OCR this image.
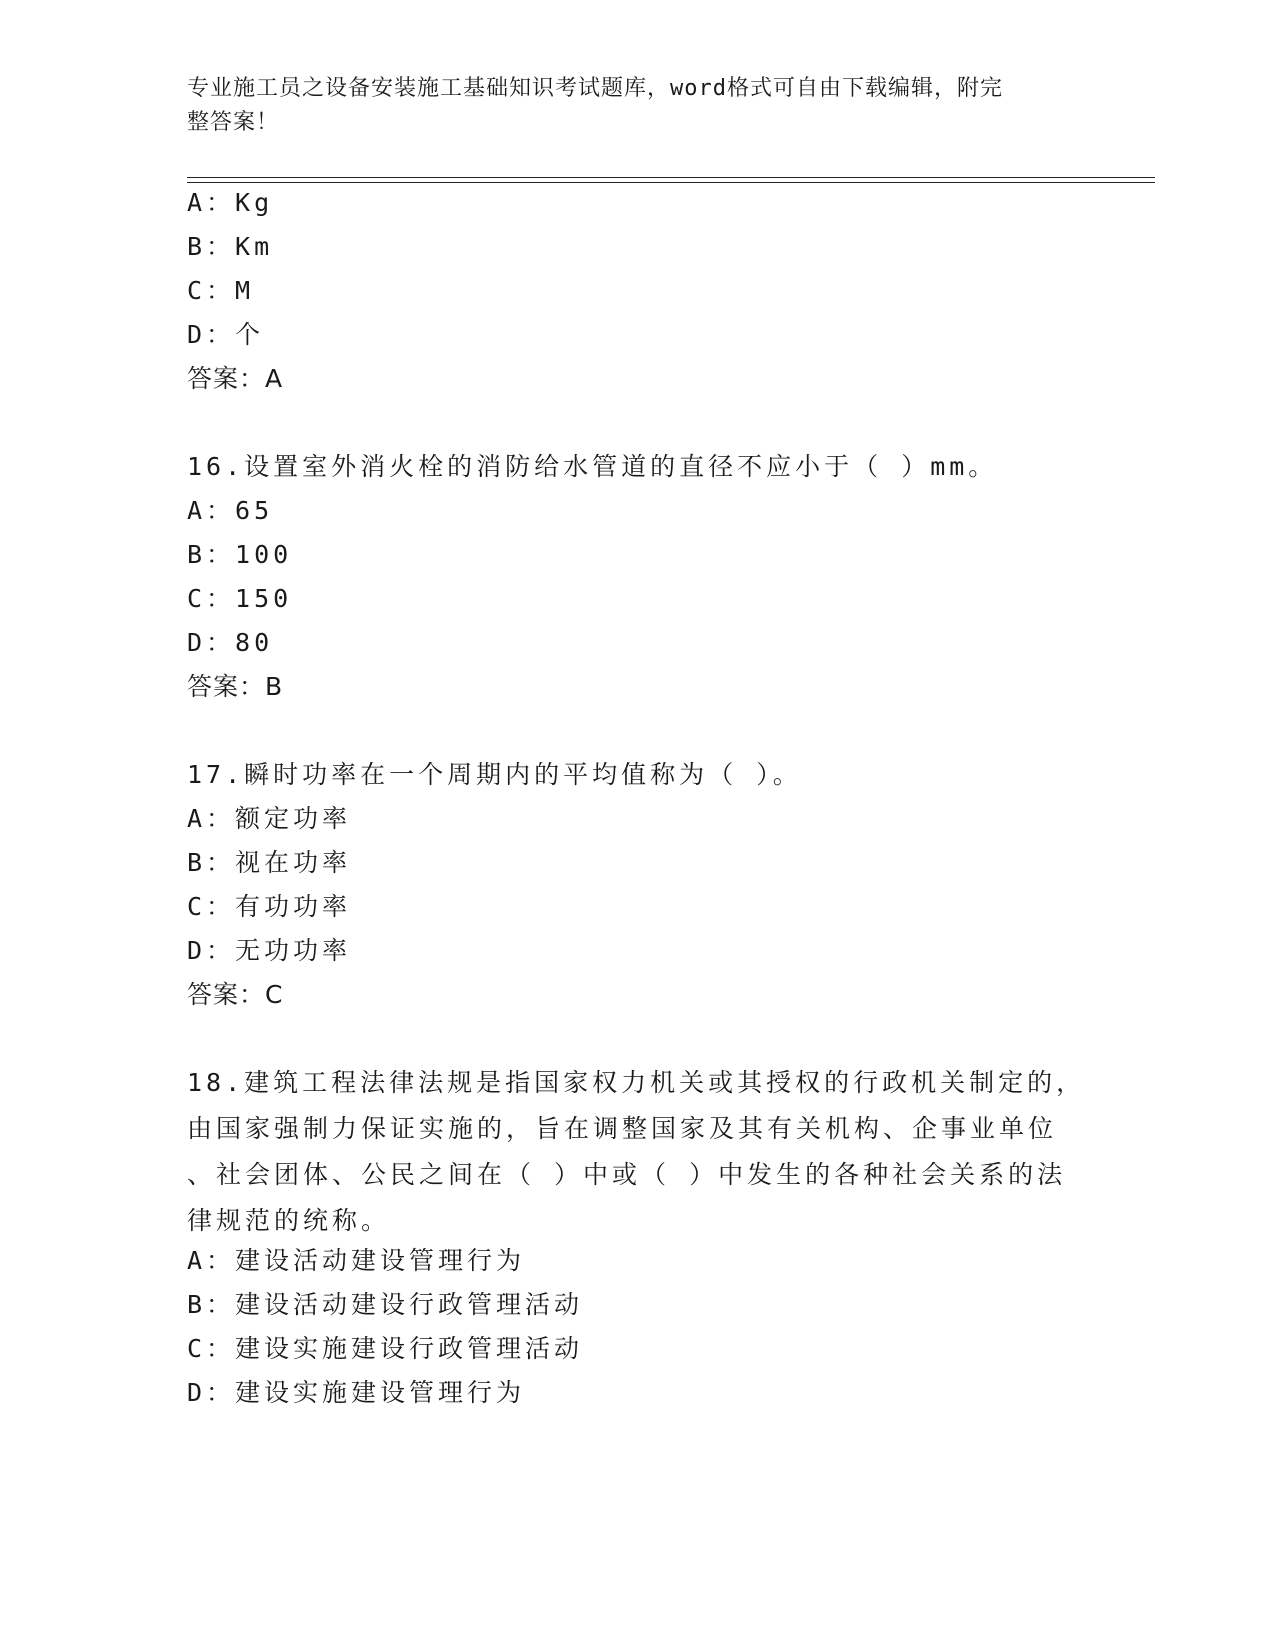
专业施工员之设备安装施工基础知识考试题库，word格式可自由下载编辑，附完
整答案！
A：Kg
B：Km
C：M
D：个
答案：A
16.设置室外消火栓的消防给水管道的直径不应小于（ ）mm。
A：65
B：100
C：150
D：80
答案：B
17.瞬时功率在一个周期内的平均值称为（ ）。
A：额定功率
B：视在功率
C：有功功率
D：无功功率
答案：C
18.建筑工程法律法规是指国家权力机关或其授权的行政机关制定的，
由国家强制力保证实施的，旨在调整国家及其有关机构、企事业单位
、社会团体、公民之间在（ ）中或（ ）中发生的各种社会关系的法
律规范的统称。
A：建设活动建设管理行为
B：建设活动建设行政管理活动
C：建设实施建设行政管理活动
D：建设实施建设管理行为
